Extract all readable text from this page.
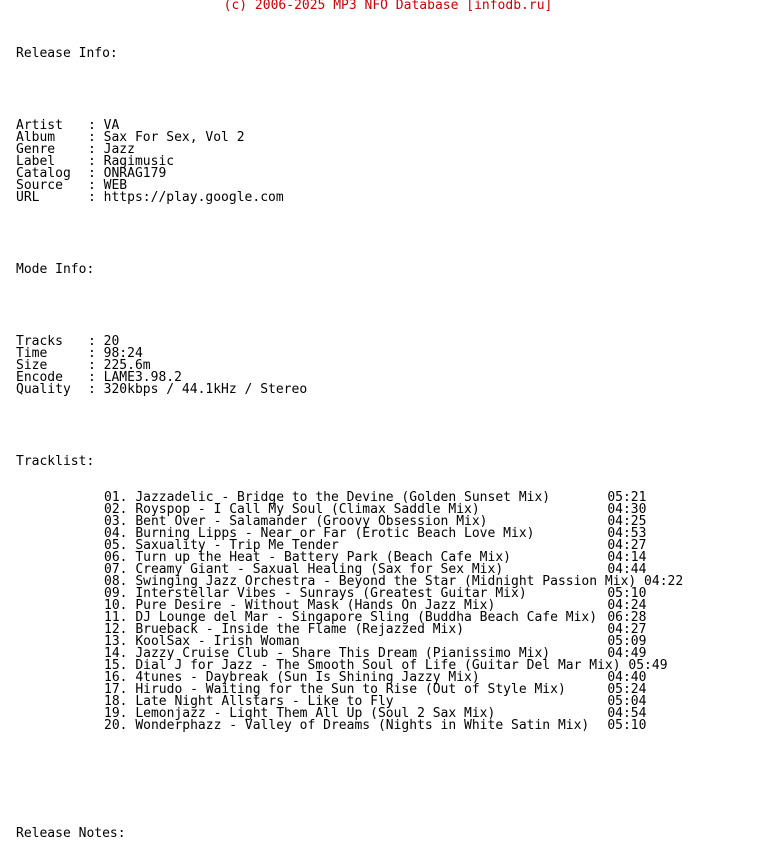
(c) 2006-2025 MP3 NFO Database [infodb.ru]

Release Info:

Artist : VA
Album	: Sax For Sex, Vol 2
Genre	: Jazz
Label	: Ragimusic
Catalog : ONRAG179
Source : WEB
URL	: https://play.google.com

Mode Info:

Tracks : 20
Time	: 98:24
Size	: 225.6m
Encode : LAME3.98.2
Quality : 320kbps / 44.1kHz / Stereo

Tracklist:

01. Jazzadelic - Bridge to the Devine (Golden Sunset Mix)	05:21
02. Royspop - I Call My Soul (Climax Saddle Mix)	04:30
03. Bent Over - Salamander (Groovy Obsession Mix)	04:25
04. Burning Lipps - Near or Far (Erotic Beach Love Mix)	04:53
05. Saxuality - Trip Me Tender	04:27
06. Turn up the Heat - Battery Park (Beach Cafe Mix)	04:14
07. Creamy Giant - Saxual Healing (Sax for Sex Mix)	04:44
08. Swinging Jazz Orchestra - Beyond the Star (Midnight Passion Mix) 04:22
09. Interstellar Vibes - Sunrays (Greatest Guitar Mix)	05:10
10. Pure Desire - Without Mask (Hands On Jazz Mix)	04:24
11. DJ Lounge del Mar - Singapore Sling (Buddha Beach Cafe Mix) 06:28
12. Brueback - Inside the Flame (Rejazzed Mix)	04:27
13. KoolSax - Irish Woman	05:09
14. Jazzy Cruise Club - Share This Dream (Pianissimo Mix)	04:49
15. Dial J for Jazz - The Smooth Soul of Life (Guitar Del Mar Mix) 05:49
16. 4tunes - Daybreak (Sun Is Shining Jazzy Mix)	04:40
17. Hirudo - Waiting for the Sun to Rise (Out of Style Mix)	05:24
18. Late Night Allstars - Like to Fly	05:04
19. Lemonjazz - Light Them All Up (Soul 2 Sax Mix)	04:54
20. Wonderphazz - Valley of Dreams (Nights in White Satin Mix) 05:10

Release Notes:
